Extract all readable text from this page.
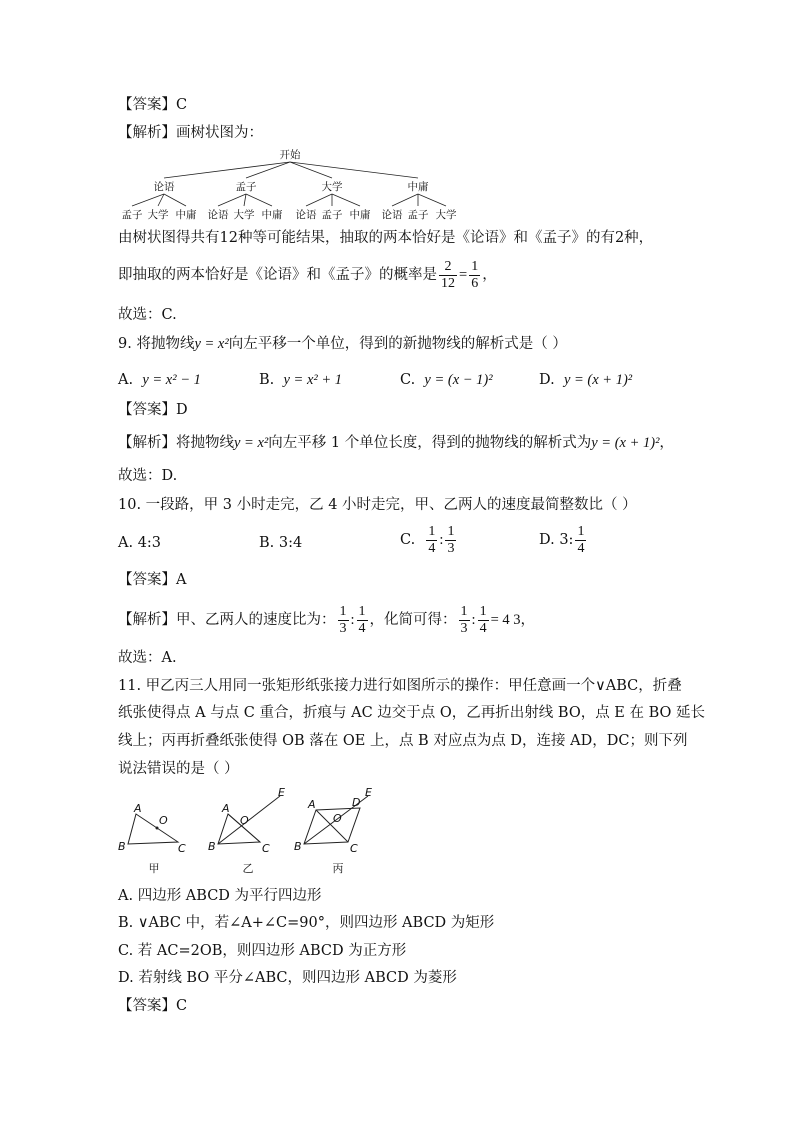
【答案】C
【解析】画树状图为：
开始
论语	孟子	大学	中庸
孟子 大学 中庸 论语 大学 中庸 论语 孟子 中庸 论语 孟子 大学
由树状图得共有12种等可能结果，抽取的两本恰好是《论语》和《孟子》的有2种，
即抽取的两本恰好是《论语》和《孟子》的概率是 $\frac{2}{12} = \frac{1}{6}$ ，
故选：C.
9. 将抛物线y = x²向左平移一个单位，得到的新抛物线的解析式是（ ）
A. y = x² − 1	B. y = x² + 1	C. y = (x − 1)²	D. y = (x + 1)²
【答案】D
【解析】将抛物线y = x²向左平移 1 个单位长度，得到的抛物线的解析式为y = (x + 1)²，
故选：D.
10. 一段路，甲 3 小时走完，乙 4 小时走完，甲、乙两人的速度最简整数比（ ）
A. 4:3	B. 3:4	C. $\frac{1}{4}$ : $\frac{1}{3}$	D. 3: $\frac{1}{4}$
【答案】A
【解析】甲、乙两人的速度比为： $\frac{1}{3}$ : $\frac{1}{4}$ ，化简可得： $\frac{1}{3}$ : $\frac{1}{4} = 4$ 3，
故选：A.
11. 甲乙丙三人用同一张矩形纸张接力进行如图所示的操作：甲任意画一个∨ABC，折叠
纸张使得点 A 与点 C 重合，折痕与 AC 边交于点 O，乙再折出射线 BO，点 E 在 BO 延长
线上；丙再折叠纸张使得 OB 落在 OE 上，点 B 对应点为点 D，连接 AD，DC；则下列
说法错误的是（ ）
A
B	C
O
A
B	C
O
E
A
B	C
O
D
E
甲	乙	丙
A. 四边形 ABCD 为平行四边形
B. ∨ABC 中，若∠A+∠C=90°，则四边形 ABCD 为矩形
C. 若 AC=2OB，则四边形 ABCD 为正方形
D. 若射线 BO 平分∠ABC，则四边形 ABCD 为菱形
【答案】C
